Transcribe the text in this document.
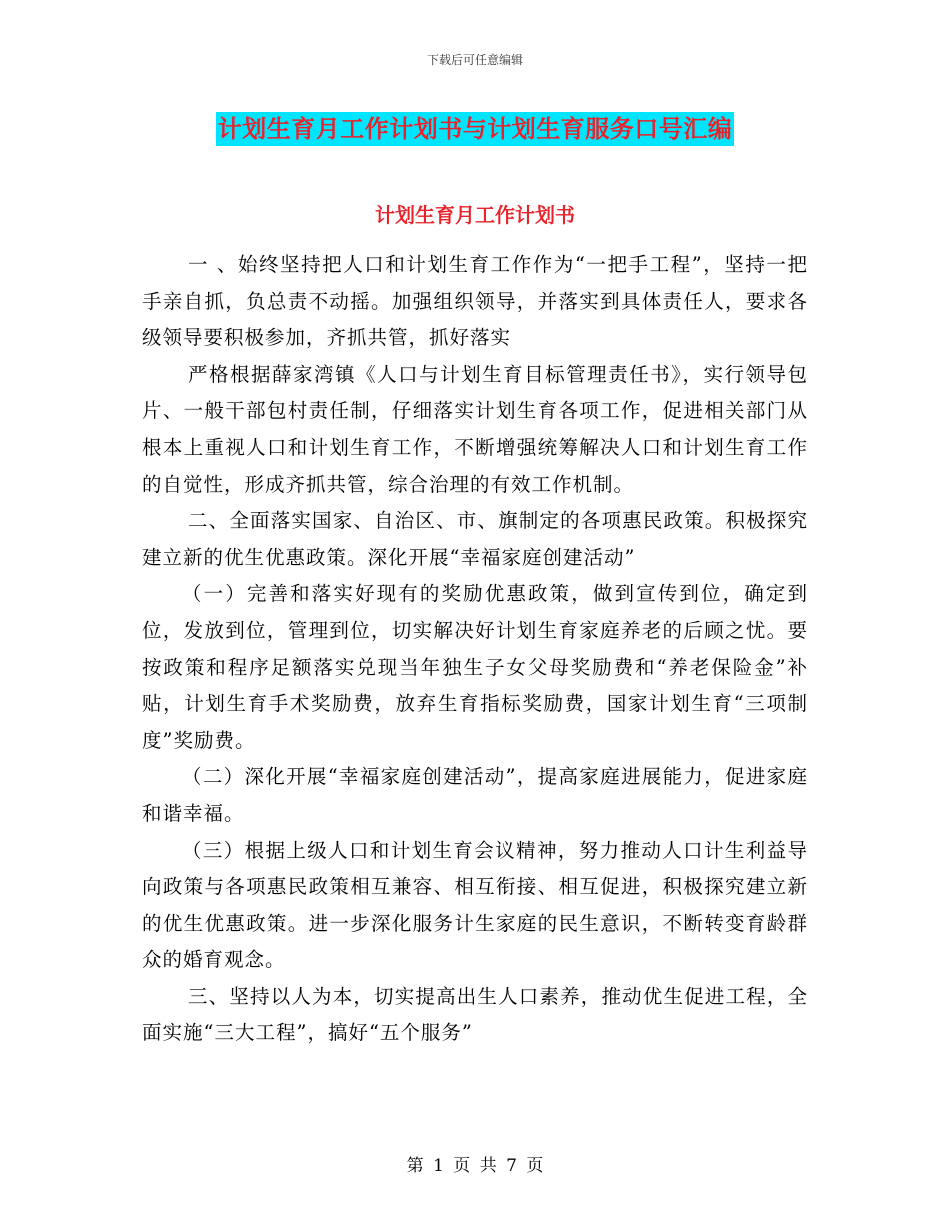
下载后可任意编辑
计划生育月工作计划书与计划生育服务口号汇编
计划生育月工作计划书

一 、始终坚持把人口和计划生育工作作为“一把手工程”，坚持一把手亲自抓，负总责不动摇。加强组织领导，并落实到具体责任人，要求各级领导要积极参加，齐抓共管，抓好落实

严格根据薛家湾镇《人口与计划生育目标管理责任书》，实行领导包片、一般干部包村责任制，仔细落实计划生育各项工作，促进相关部门从根本上重视人口和计划生育工作，不断增强统筹解决人口和计划生育工作的自觉性，形成齐抓共管，综合治理的有效工作机制。

二、全面落实国家、自治区、市、旗制定的各项惠民政策。积极探究建立新的优生优惠政策。深化开展“幸福家庭创建活动”

（一）完善和落实好现有的奖励优惠政策，做到宣传到位，确定到位，发放到位，管理到位，切实解决好计划生育家庭养老的后顾之忧。要按政策和程序足额落实兑现当年独生子女父母奖励费和“养老保险金”补贴，计划生育手术奖励费，放弃生育指标奖励费，国家计划生育“三项制度”奖励费。

（二）深化开展“幸福家庭创建活动”，提高家庭进展能力，促进家庭和谐幸福。

（三）根据上级人口和计划生育会议精神，努力推动人口计生利益导向政策与各项惠民政策相互兼容、相互衔接、相互促进，积极探究建立新的优生优惠政策。进一步深化服务计生家庭的民生意识，不断转变育龄群众的婚育观念。

三、坚持以人为本，切实提高出生人口素养，推动优生促进工程，全面实施“三大工程”，搞好“五个服务”

第 1 页 共 7 页
